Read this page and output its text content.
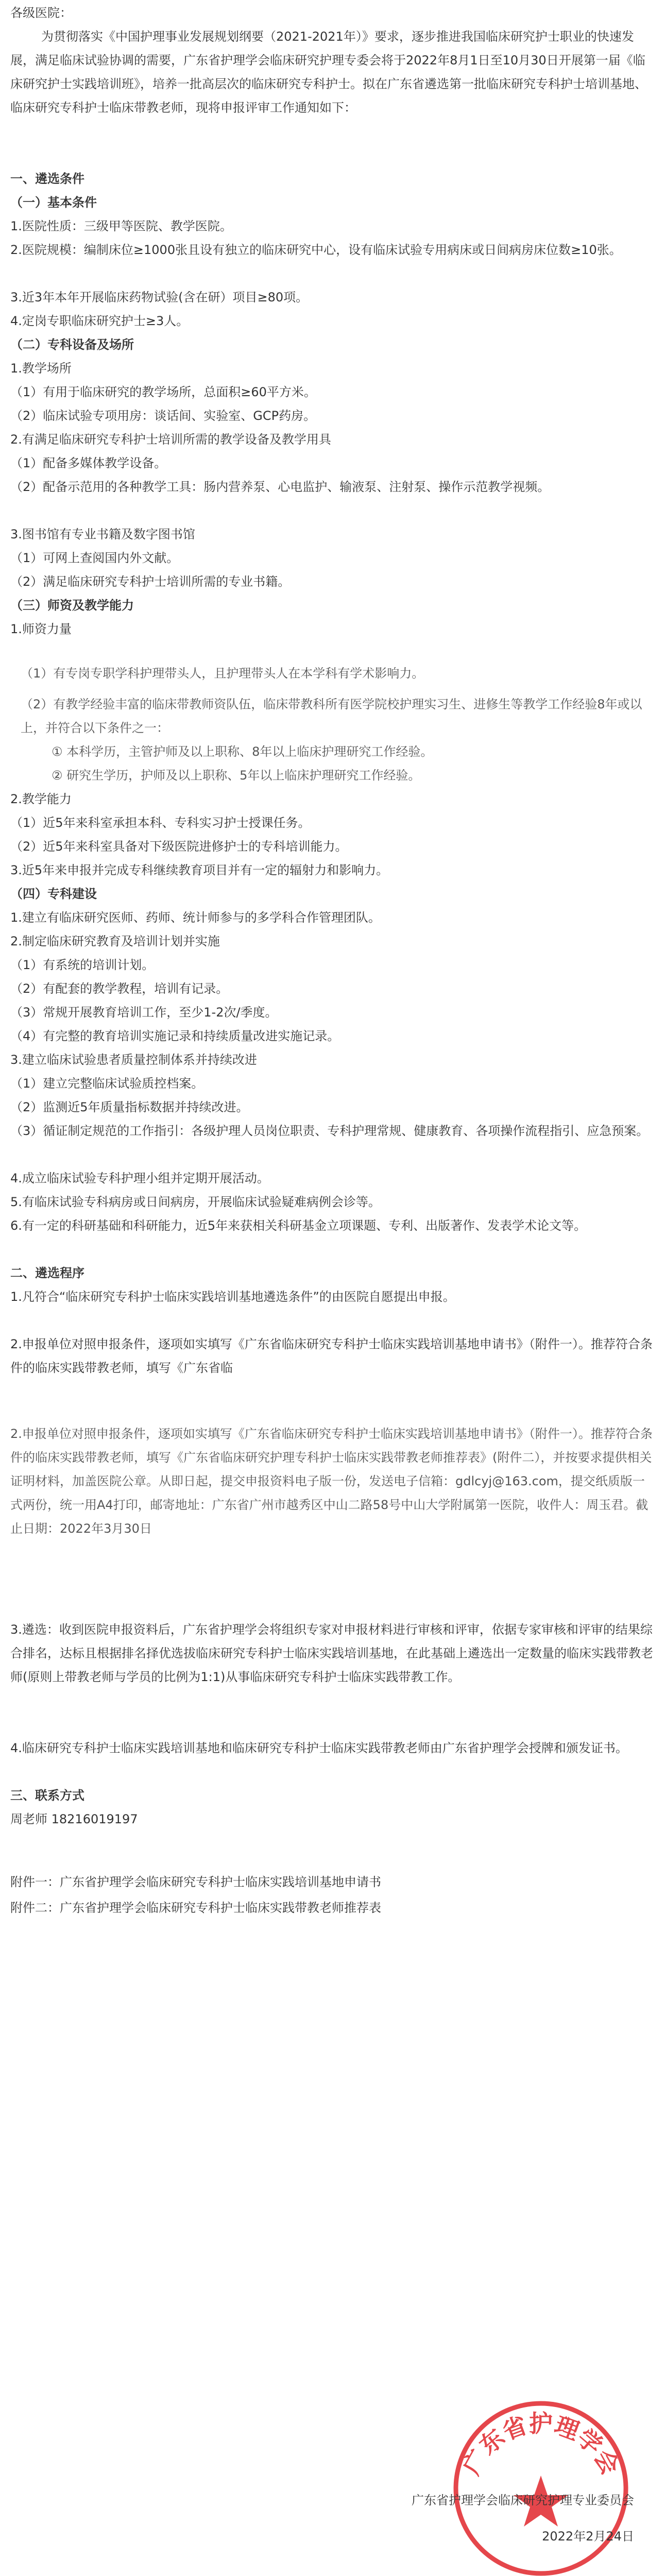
各级医院：
为贯彻落实《中国护理事业发展规划纲要（2021-2021年）》要求，逐步推进我国临床研究护士职业的快速发展，满足临床试验协调的需要，广东省护理学会临床研究护理专委会将于2022年8月1日至10月30日开展第一届《临床研究护士实践培训班》，培养一批高层次的临床研究专科护士。拟在广东省遴选第一批临床研究专科护士培训基地、临床研究专科护士临床带教老师，现将申报评审工作通知如下：
一、遴选条件
（一）基本条件
1.医院性质：三级甲等医院、教学医院。
2.医院规模：编制床位≥1000张且设有独立的临床研究中心，设有临床试验专用病床或日间病房床位数≥10张。
3.近3年本年开展临床药物试验(含在研）项目≥80项。
4.定岗专职临床研究护士≥3人。
（二）专科设备及场所
1.教学场所
（1）有用于临床研究的教学场所，总面积≥60平方米。
（2）临床试验专项用房：谈话间、实验室、GCP药房。
2.有满足临床研究专科护士培训所需的教学设备及教学用具
（1）配备多媒体教学设备。
（2）配备示范用的各种教学工具：肠内营养泵、心电监护、输液泵、注射泵、操作示范教学视频。
3.图书馆有专业书籍及数字图书馆
（1）可网上查阅国内外文献。
（2）满足临床研究专科护士培训所需的专业书籍。
（三）师资及教学能力
1.师资力量
（1）有专岗专职学科护理带头人，且护理带头人在本学科有学术影响力。
（2）有教学经验丰富的临床带教师资队伍，临床带教科所有医学院校护理实习生、进修生等教学工作经验8年或以上，并符合以下条件之一：
① 本科学历，主管护师及以上职称、8年以上临床护理研究工作经验。
② 研究生学历，护师及以上职称、5年以上临床护理研究工作经验。
2.教学能力
（1）近5年来科室承担本科、专科实习护士授课任务。
（2）近5年来科室具备对下级医院进修护士的专科培训能力。
3.近5年来申报并完成专科继续教育项目并有一定的辐射力和影响力。
（四）专科建设
1.建立有临床研究医师、药师、统计师参与的多学科合作管理团队。
2.制定临床研究教育及培训计划并实施
（1）有系统的培训计划。
（2）有配套的教学教程，培训有记录。
（3）常规开展教育培训工作，至少1-2次/季度。
（4）有完整的教育培训实施记录和持续质量改进实施记录。
3.建立临床试验患者质量控制体系并持续改进
（1）建立完整临床试验质控档案。
（2）监测近5年质量指标数据并持续改进。
（3）循证制定规范的工作指引：各级护理人员岗位职责、专科护理常规、健康教育、各项操作流程指引、应急预案。
4.成立临床试验专科护理小组并定期开展活动。
5.有临床试验专科病房或日间病房，开展临床试验疑难病例会诊等。
6.有一定的科研基础和科研能力，近5年来获相关科研基金立项课题、专利、出版著作、发表学术论文等。
二、遴选程序
1.凡符合“临床研究专科护士临床实践培训基地遴选条件”的由医院自愿提出申报。
2.申报单位对照申报条件，逐项如实填写《广东省临床研究专科护士临床实践培训基地申请书》（附件一）。推荐符合条件的临床实践带教老师，填写《广东省临
2.申报单位对照申报条件，逐项如实填写《广东省临床研究专科护士临床实践培训基地申请书》（附件一）。推荐符合条件的临床实践带教老师，填写《广东省临床研究护理专科护士临床实践带教老师推荐表》(附件二），并按要求提供相关证明材料，加盖医院公章。从即日起，提交申报资料电子版一份，发送电子信箱：gdlcyj@163.com，提交纸质版一式两份，统一用A4打印，邮寄地址：广东省广州市越秀区中山二路58号中山大学附属第一医院，收件人：周玉君。截止日期：2022年3月30日
3.遴选：收到医院申报资料后，广东省护理学会将组织专家对申报材料进行审核和评审，依据专家审核和评审的结果综合排名，达标且根据排名择优选拔临床研究专科护士临床实践培训基地，在此基础上遴选出一定数量的临床实践带教老师(原则上带教老师与学员的比例为1:1)从事临床研究专科护士临床实践带教工作。
4.临床研究专科护士临床实践培训基地和临床研究专科护士临床实践带教老师由广东省护理学会授牌和颁发证书。
三、联系方式
周老师 18216019197
附件一：广东省护理学会临床研究专科护士临床实践培训基地申请书
附件二：广东省护理学会临床研究专科护士临床实践带教老师推荐表
广东省护理学会
广东省护理学会临床研究护理专业委员会
2022年2月24日
